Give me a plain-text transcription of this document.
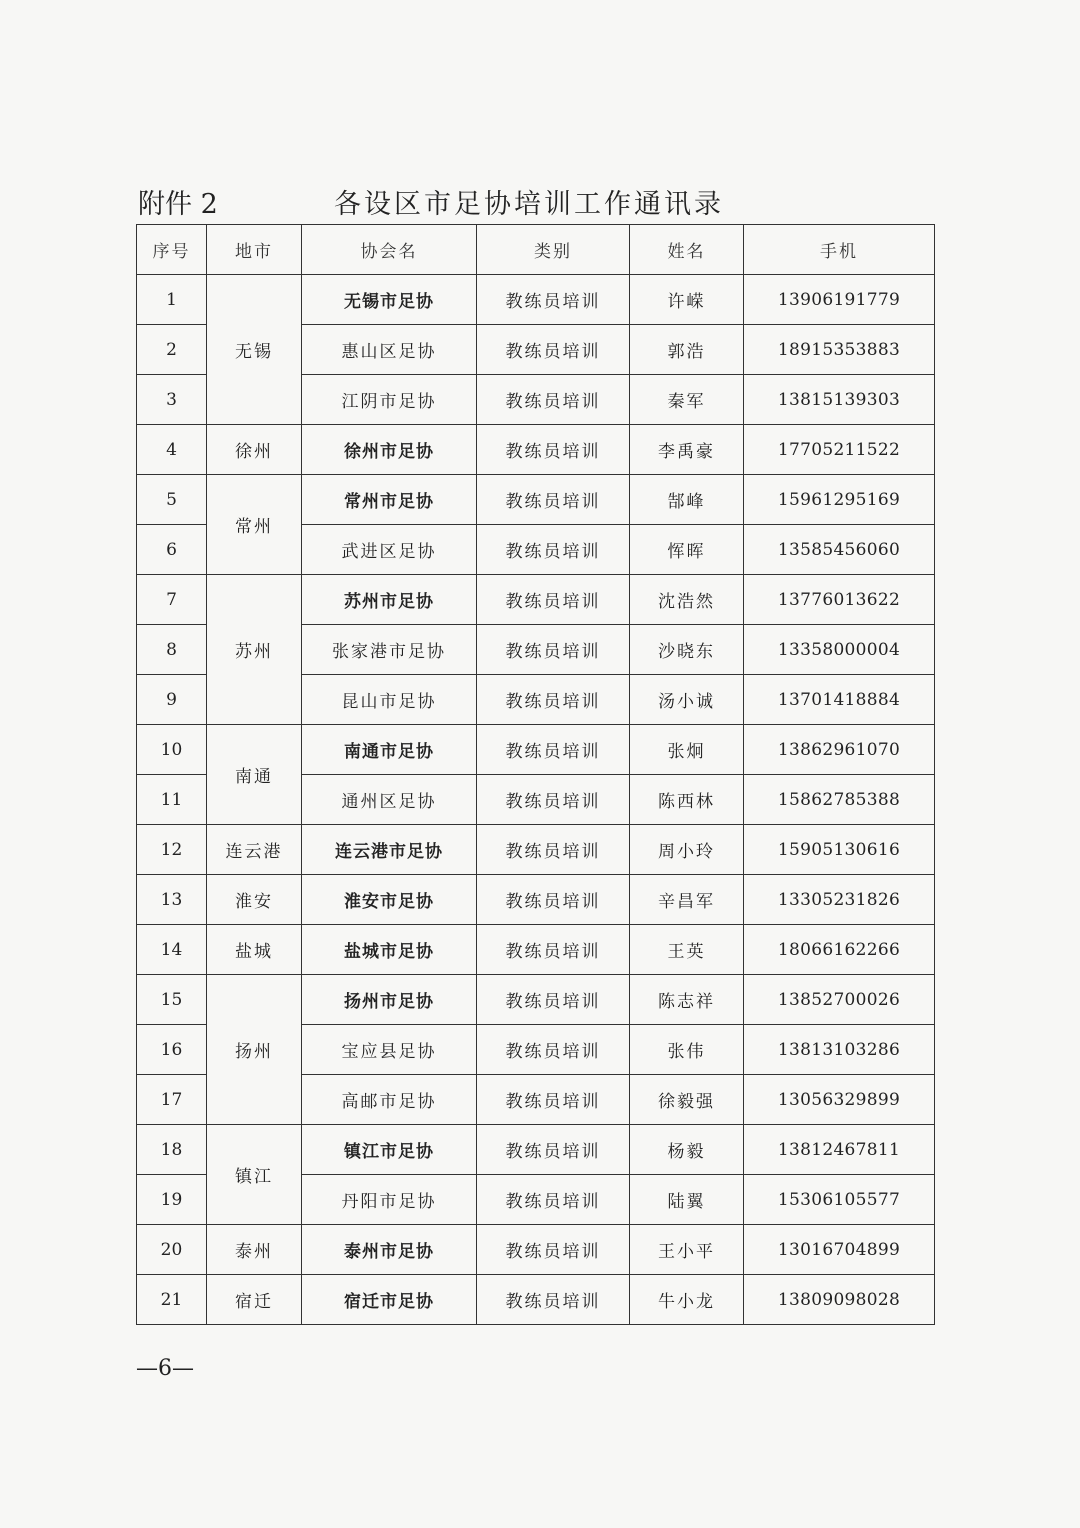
附件 2	各设区市足协培训工作通讯录
序号	地市	协会名	类别	姓名	手机
1	无锡	无锡市足协	教练员培训	许嵘	13906191779
2		惠山区足协	教练员培训	郭浩	18915353883
3		江阴市足协	教练员培训	秦军	13815139303
4	徐州	徐州市足协	教练员培训	李禹豪	17705211522
5	常州	常州市足协	教练员培训	郜峰	15961295169
6		武进区足协	教练员培训	恽晖	13585456060
7	苏州	苏州市足协	教练员培训	沈浩然	13776013622
8		张家港市足协	教练员培训	沙晓东	13358000004
9		昆山市足协	教练员培训	汤小诚	13701418884
10	南通	南通市足协	教练员培训	张炯	13862961070
11		通州区足协	教练员培训	陈西林	15862785388
12	连云港	连云港市足协	教练员培训	周小玲	15905130616
13	淮安	淮安市足协	教练员培训	辛昌军	13305231826
14	盐城	盐城市足协	教练员培训	王英	18066162266
15	扬州	扬州市足协	教练员培训	陈志祥	13852700026
16		宝应县足协	教练员培训	张伟	13813103286
17		高邮市足协	教练员培训	徐毅强	13056329899
18	镇江	镇江市足协	教练员培训	杨毅	13812467811
19		丹阳市足协	教练员培训	陆翼	15306105577
20	泰州	泰州市足协	教练员培训	王小平	13016704899
21	宿迁	宿迁市足协	教练员培训	牛小龙	13809098028
—6—
